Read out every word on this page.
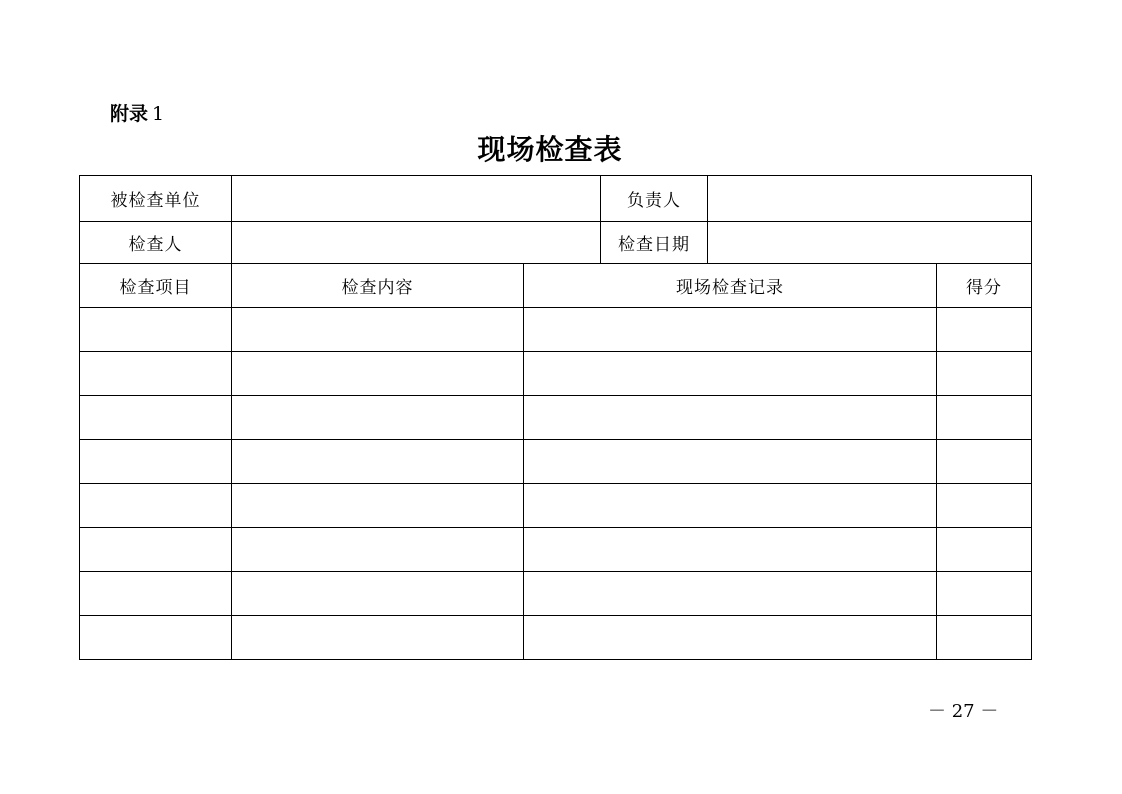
附录 1
现场检查表
被检查单位			负责人		
检查人			检查日期		
检查项目	检查内容	现场检查记录			得分

－ 27 －
